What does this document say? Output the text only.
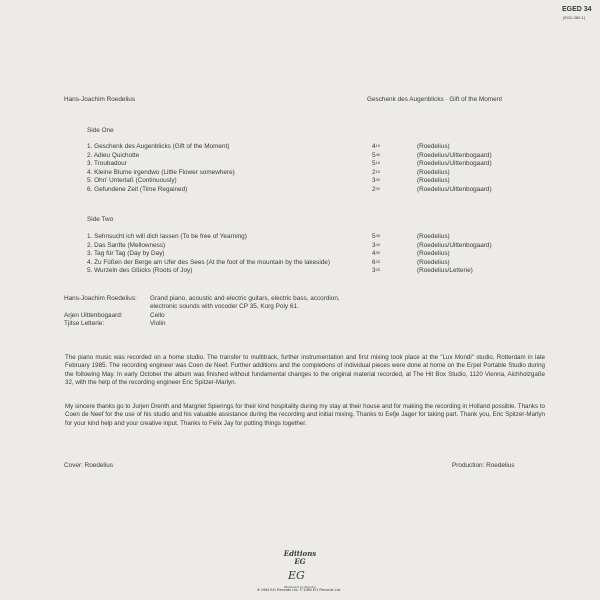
EGED 34
(EG2-060-1)
Hans-Joachim Roedelius	Geschenk des Augenblicks · Gift of the Moment
Side One
1. Geschenk des Augenblicks (Gift of the Moment)	$4^{19}$	(Roedelius)
2. Adieu Quichotte	$5^{46}$	(Roedelius/Uittenbogaard)
3. Troubadour	$5^{16}$	(Roedelius/Uittenbogaard)
4. Kleine Blume irgendwo (Little Flower somewhere)	$2^{15}$	(Roedelius)
5. Ohn' Unterlaß (Continuously)	$3^{30}$	(Roedelius)
6. Gefundene Zeit (Time Regained)	$2^{00}$	(Roedelius/Uittenbogaard)
Side Two
1. Sehnsucht ich will dich lassen (To be free of Yearning)	$5^{48}$	(Roedelius)
2. Das Sanfte (Mellowness)	$3^{43}$	(Roedelius/Uittenbogaard)
3. Tag für Tag (Day by Day)	$4^{30}$	(Roedelius)
4. Zu Füßen der Berge am Ufer des Sees (At the foot of the mountain by the lakeside)	$6^{33}$	(Roedelius)
5. Wurzeln des Glücks (Roots of Joy)	$3^{25}$	(Roedelius/Letterie)
Hans-Joachim Roedelius: Grand piano, acoustic and electric guitars, electric bass, accordion,
electronic sounds with vocoder CP 35, Korg Poly 61.
Arjen Uittenbogaard:	Cello
Tjitse Letterie:	Violin
The piano music was recorded on a home studio. The transfer to multitrack, further instrumentation and first mixing took place at the "Lux Mondi" studio, Rotterdam in late February 1985. The recording engineer was Coen de Neef. Further additions and the completions of individual pieces were done at home on the Erpel Portable Studio during the following May. In early October the album was finished without fundamental changes to the original material recorded, at The Hit Box Studio, 1120 Vienna, Aichholzgaße 32, with the help of the recording engineer Eric Spitzer-Marlyn.
My sincere thanks go to Jurjen Drenth and Margriet Spierings for their kind hospitality during my stay at their house and for making the recording in Holland possible. Thanks to Coen de Neef for the use of his studio and his valuable assistance during the recording and initial mixing. Thanks to Eefje Jager for taking part. Thank you, Eric Spitzer-Marlyn for your kind help and your creative input. Thanks to Felix Jay for putting things together.
Cover: Roedelius	Production: Roedelius
Editions EG
EG
Marketed by Polydor
℗ 1984 EG Records Ltd. © 1984 EG Records Ltd.
